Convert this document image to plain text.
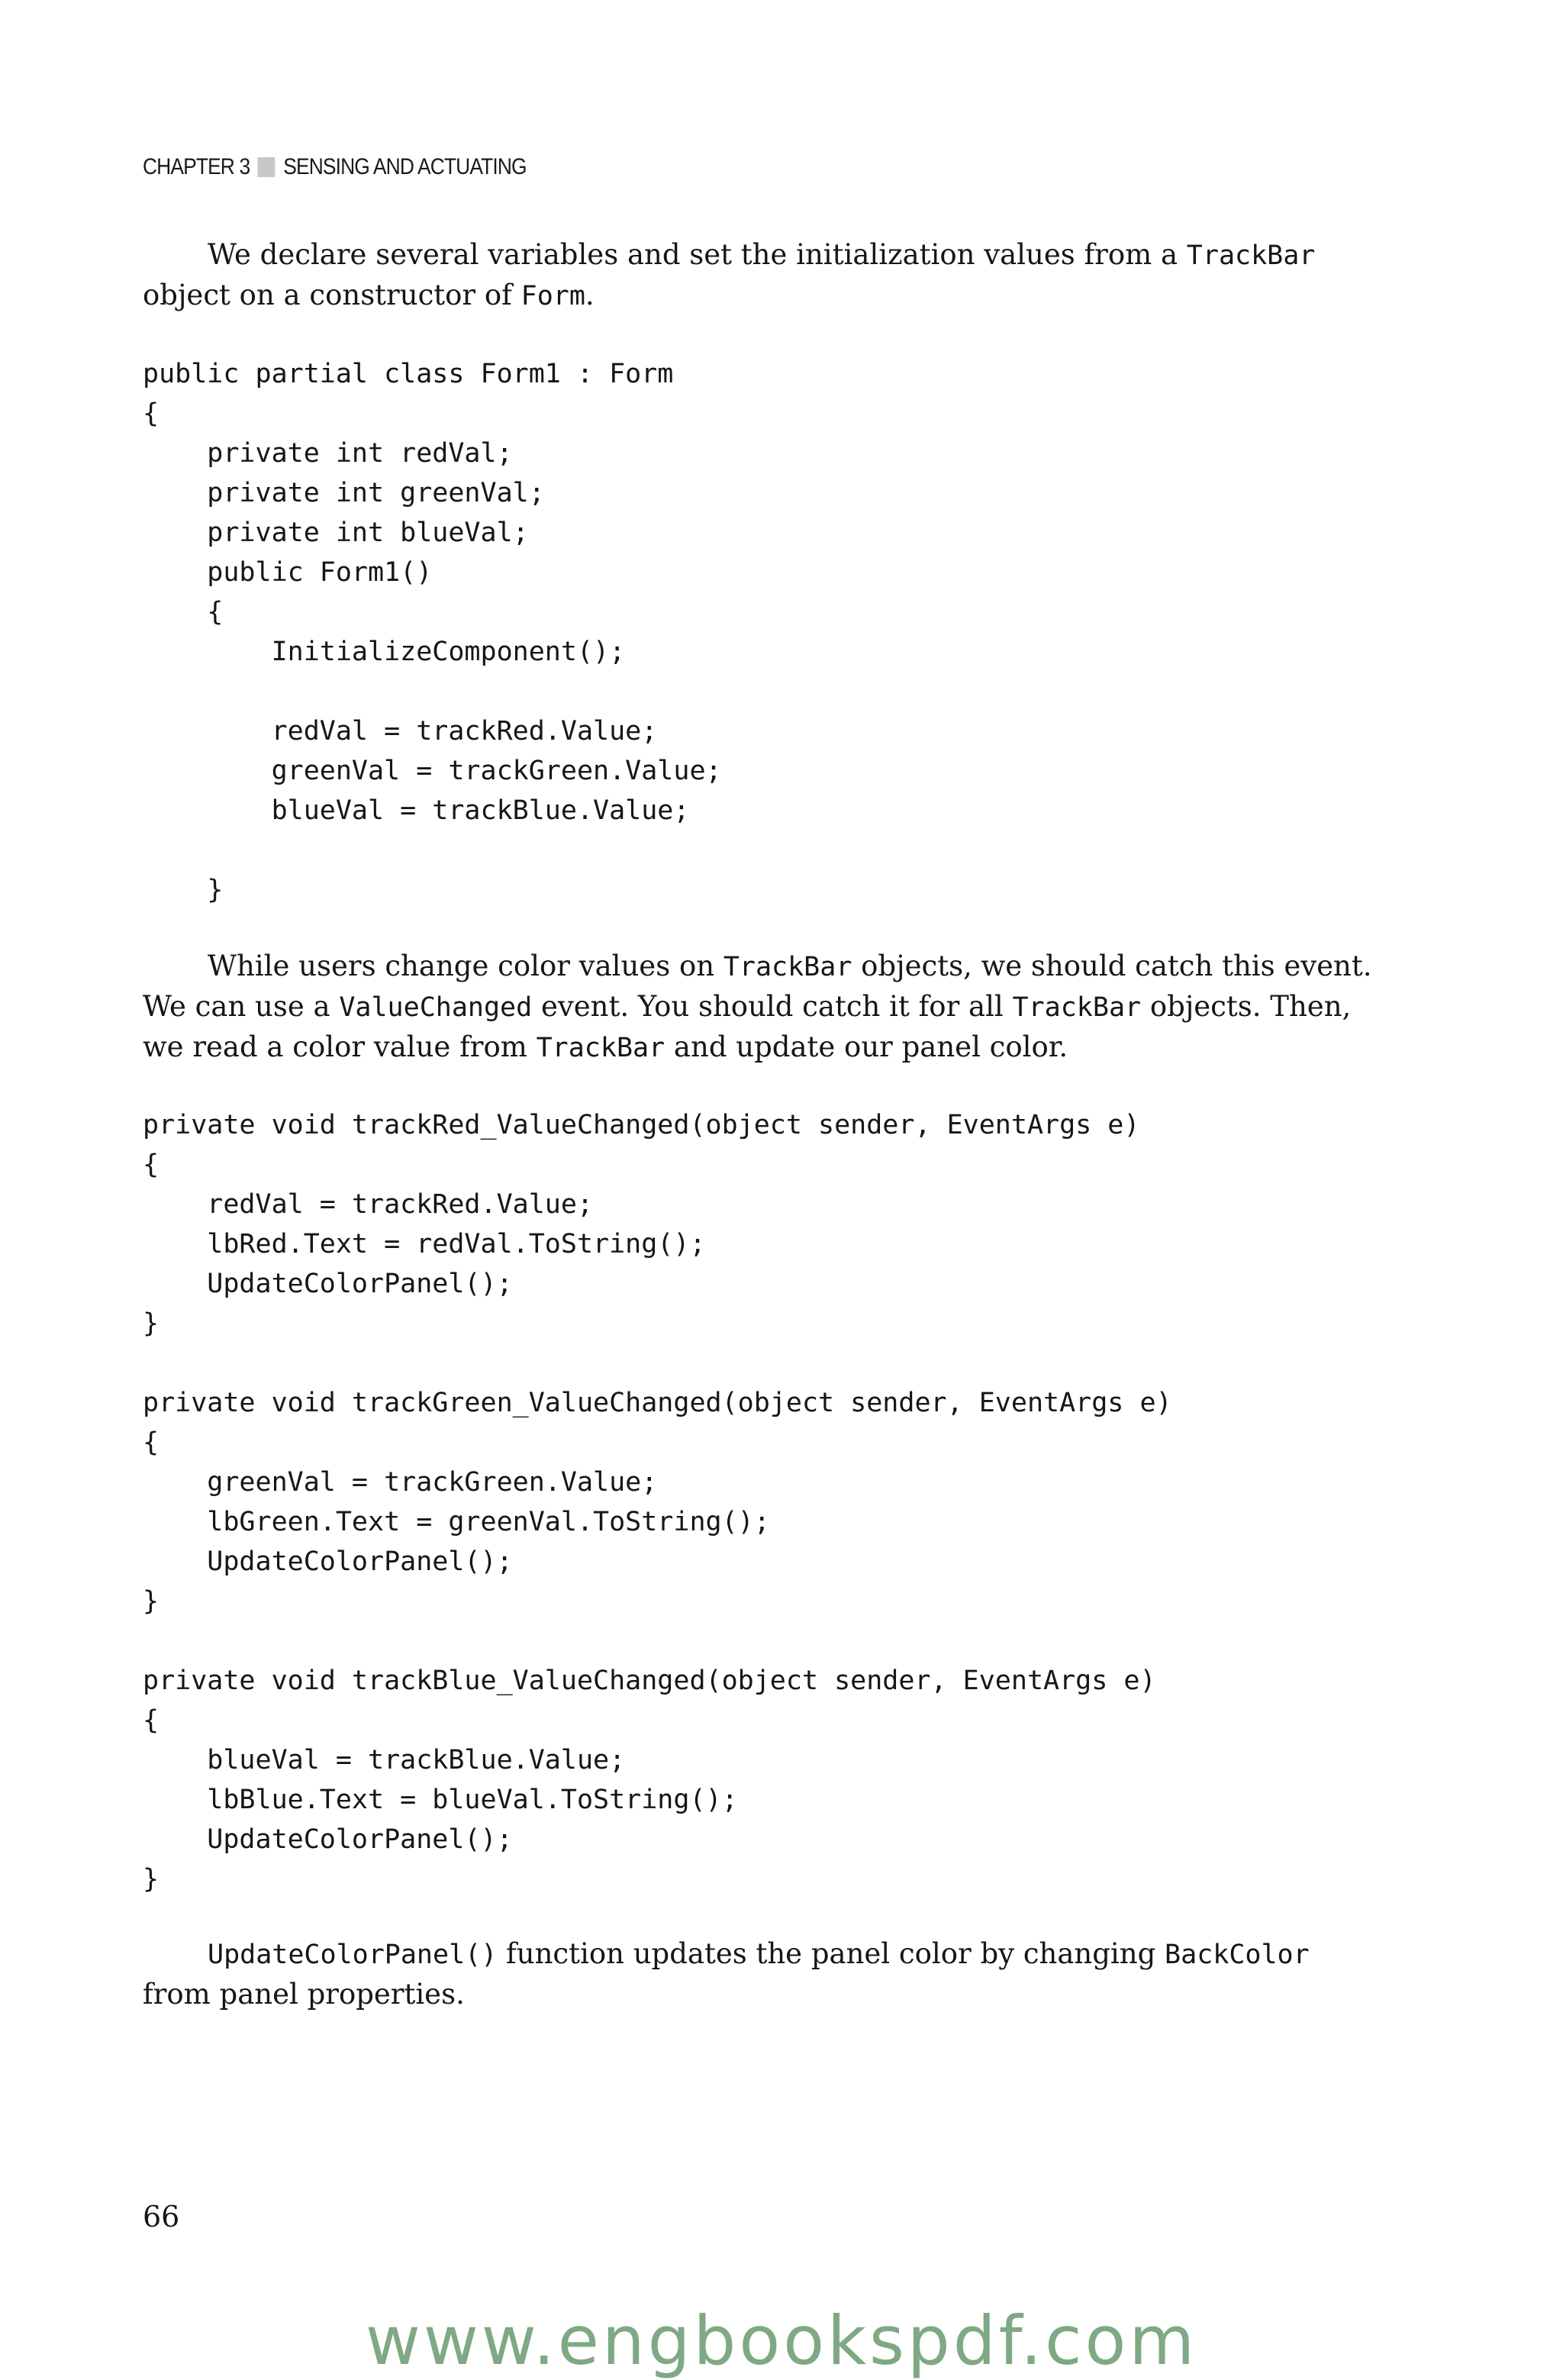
CHAPTER 3 SENSING AND ACTUATING

We declare several variables and set the initialization values from a TrackBar object on a constructor of Form.

public partial class Form1 : Form
{
private int redVal;
private int greenVal;
private int blueVal;
public Form1()
{
InitializeComponent();

redVal = trackRed.Value;
greenVal = trackGreen.Value;
blueVal = trackBlue.Value;

}

While users change color values on TrackBar objects, we should catch this event. We can use a ValueChanged event. You should catch it for all TrackBar objects. Then, we read a color value from TrackBar and update our panel color.

private void trackRed_ValueChanged(object sender, EventArgs e)
{
redVal = trackRed.Value;
lbRed.Text = redVal.ToString();
UpdateColorPanel();
}

private void trackGreen_ValueChanged(object sender, EventArgs e)
{
greenVal = trackGreen.Value;
lbGreen.Text = greenVal.ToString();
UpdateColorPanel();
}

private void trackBlue_ValueChanged(object sender, EventArgs e)
{
blueVal = trackBlue.Value;
lbBlue.Text = blueVal.ToString();
UpdateColorPanel();
}

UpdateColorPanel() function updates the panel color by changing BackColor from panel properties.

66
www.engbookspdf.com
